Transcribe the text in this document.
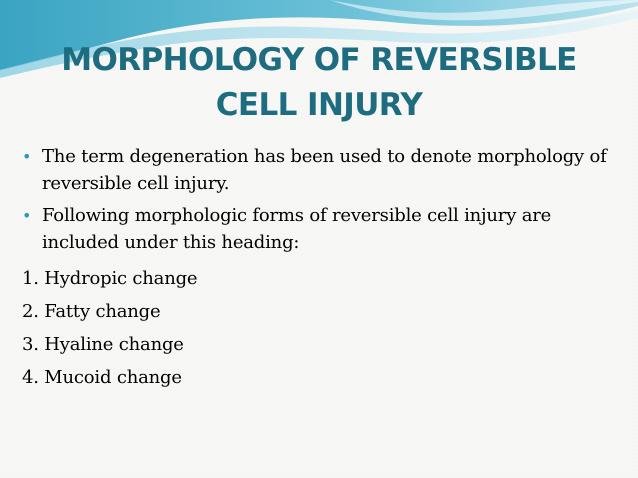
MORPHOLOGY OF REVERSIBLE
CELL INJURY

• The term degeneration has been used to denote morphology of reversible cell injury.

• Following morphologic forms of reversible cell injury are included under this heading:

1. Hydropic change
2. Fatty change
3. Hyaline change
4. Mucoid change
